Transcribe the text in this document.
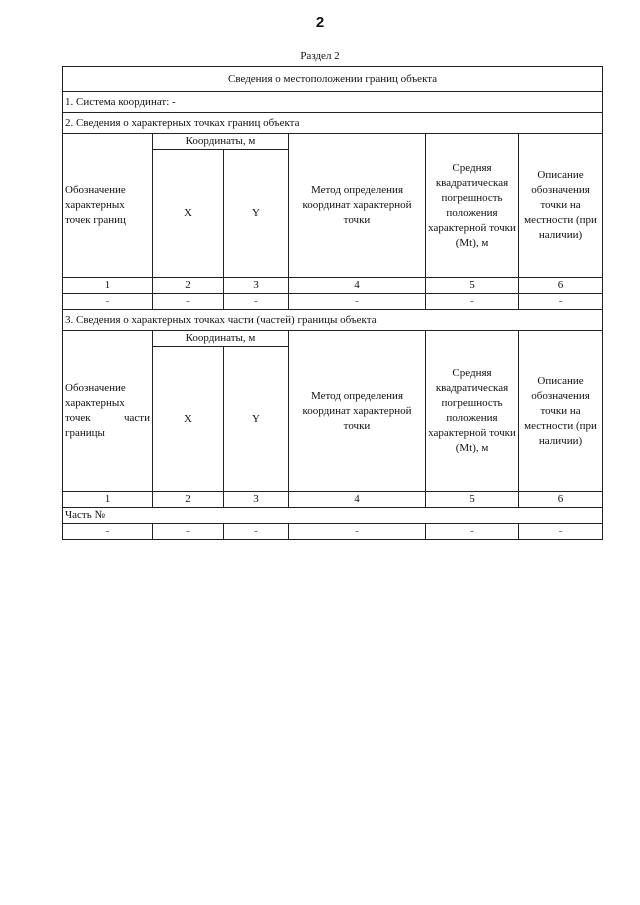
2
Раздел 2
Сведения о местоположении границ объекта					
1. Система координат: -					
2. Сведения о характерных точках границ объекта					
Обозначение характерных точек границ	Координаты, м		Метод определения координат характерной точки	Средняя квадратическая погрешность положения характерной точки (Mt), м	Описание обозначения точки на местности (при наличии)
	X	Y			
1	2	3	4	5	6
-	-	-	-	-	-
3. Сведения о характерных точках части (частей) границы объекта					
Обозначение характерных точек части границы	Координаты, м		Метод определения координат характерной точки	Средняя квадратическая погрешность положения характерной точки (Mt), м	Описание обозначения точки на местности (при наличии)
	X	Y			
1	2	3	4	5	6
Часть №					
-	-	-	-	-	-
